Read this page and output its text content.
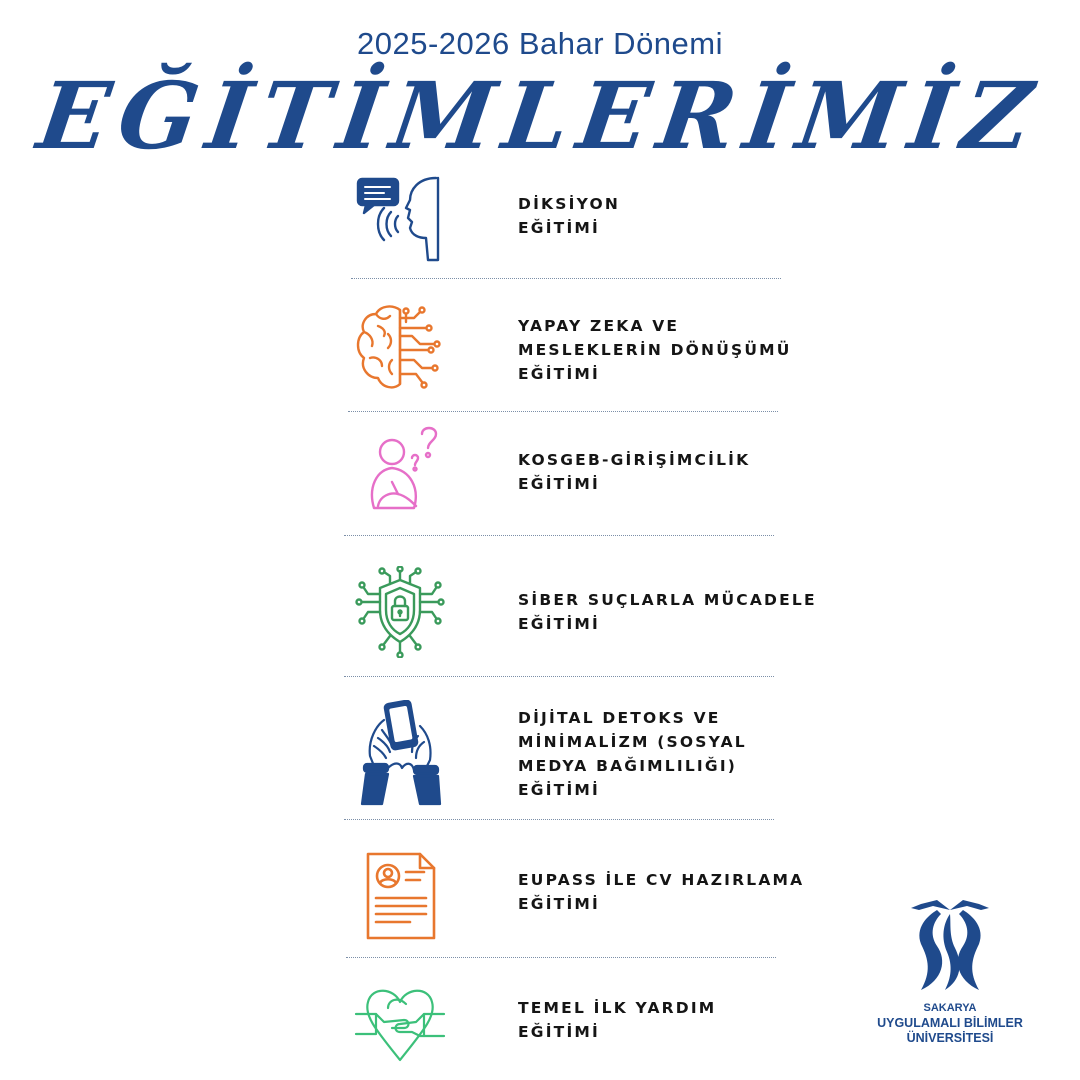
2025-2026 Bahar Dönemi
EĞİTİMLERİMİZ
DİKSİYON
EĞİTİMİ
YAPAY ZEKA VE
MESLEKLERİN DÖNÜŞÜMÜ
EĞİTİMİ
KOSGEB-GİRİŞİMCİLİK
EĞİTİMİ
SİBER SUÇLARLA MÜCADELE
EĞİTİMİ
DİJİTAL DETOKS VE
MİNİMALİZM (SOSYAL
MEDYA BAĞIMLILIĞI)
EĞİTİMİ
EUPASS İLE CV HAZIRLAMA
EĞİTİMİ
TEMEL İLK YARDIM
EĞİTİMİ
SAKARYA
UYGULAMALI BİLİMLER
ÜNİVERSİTESİ
